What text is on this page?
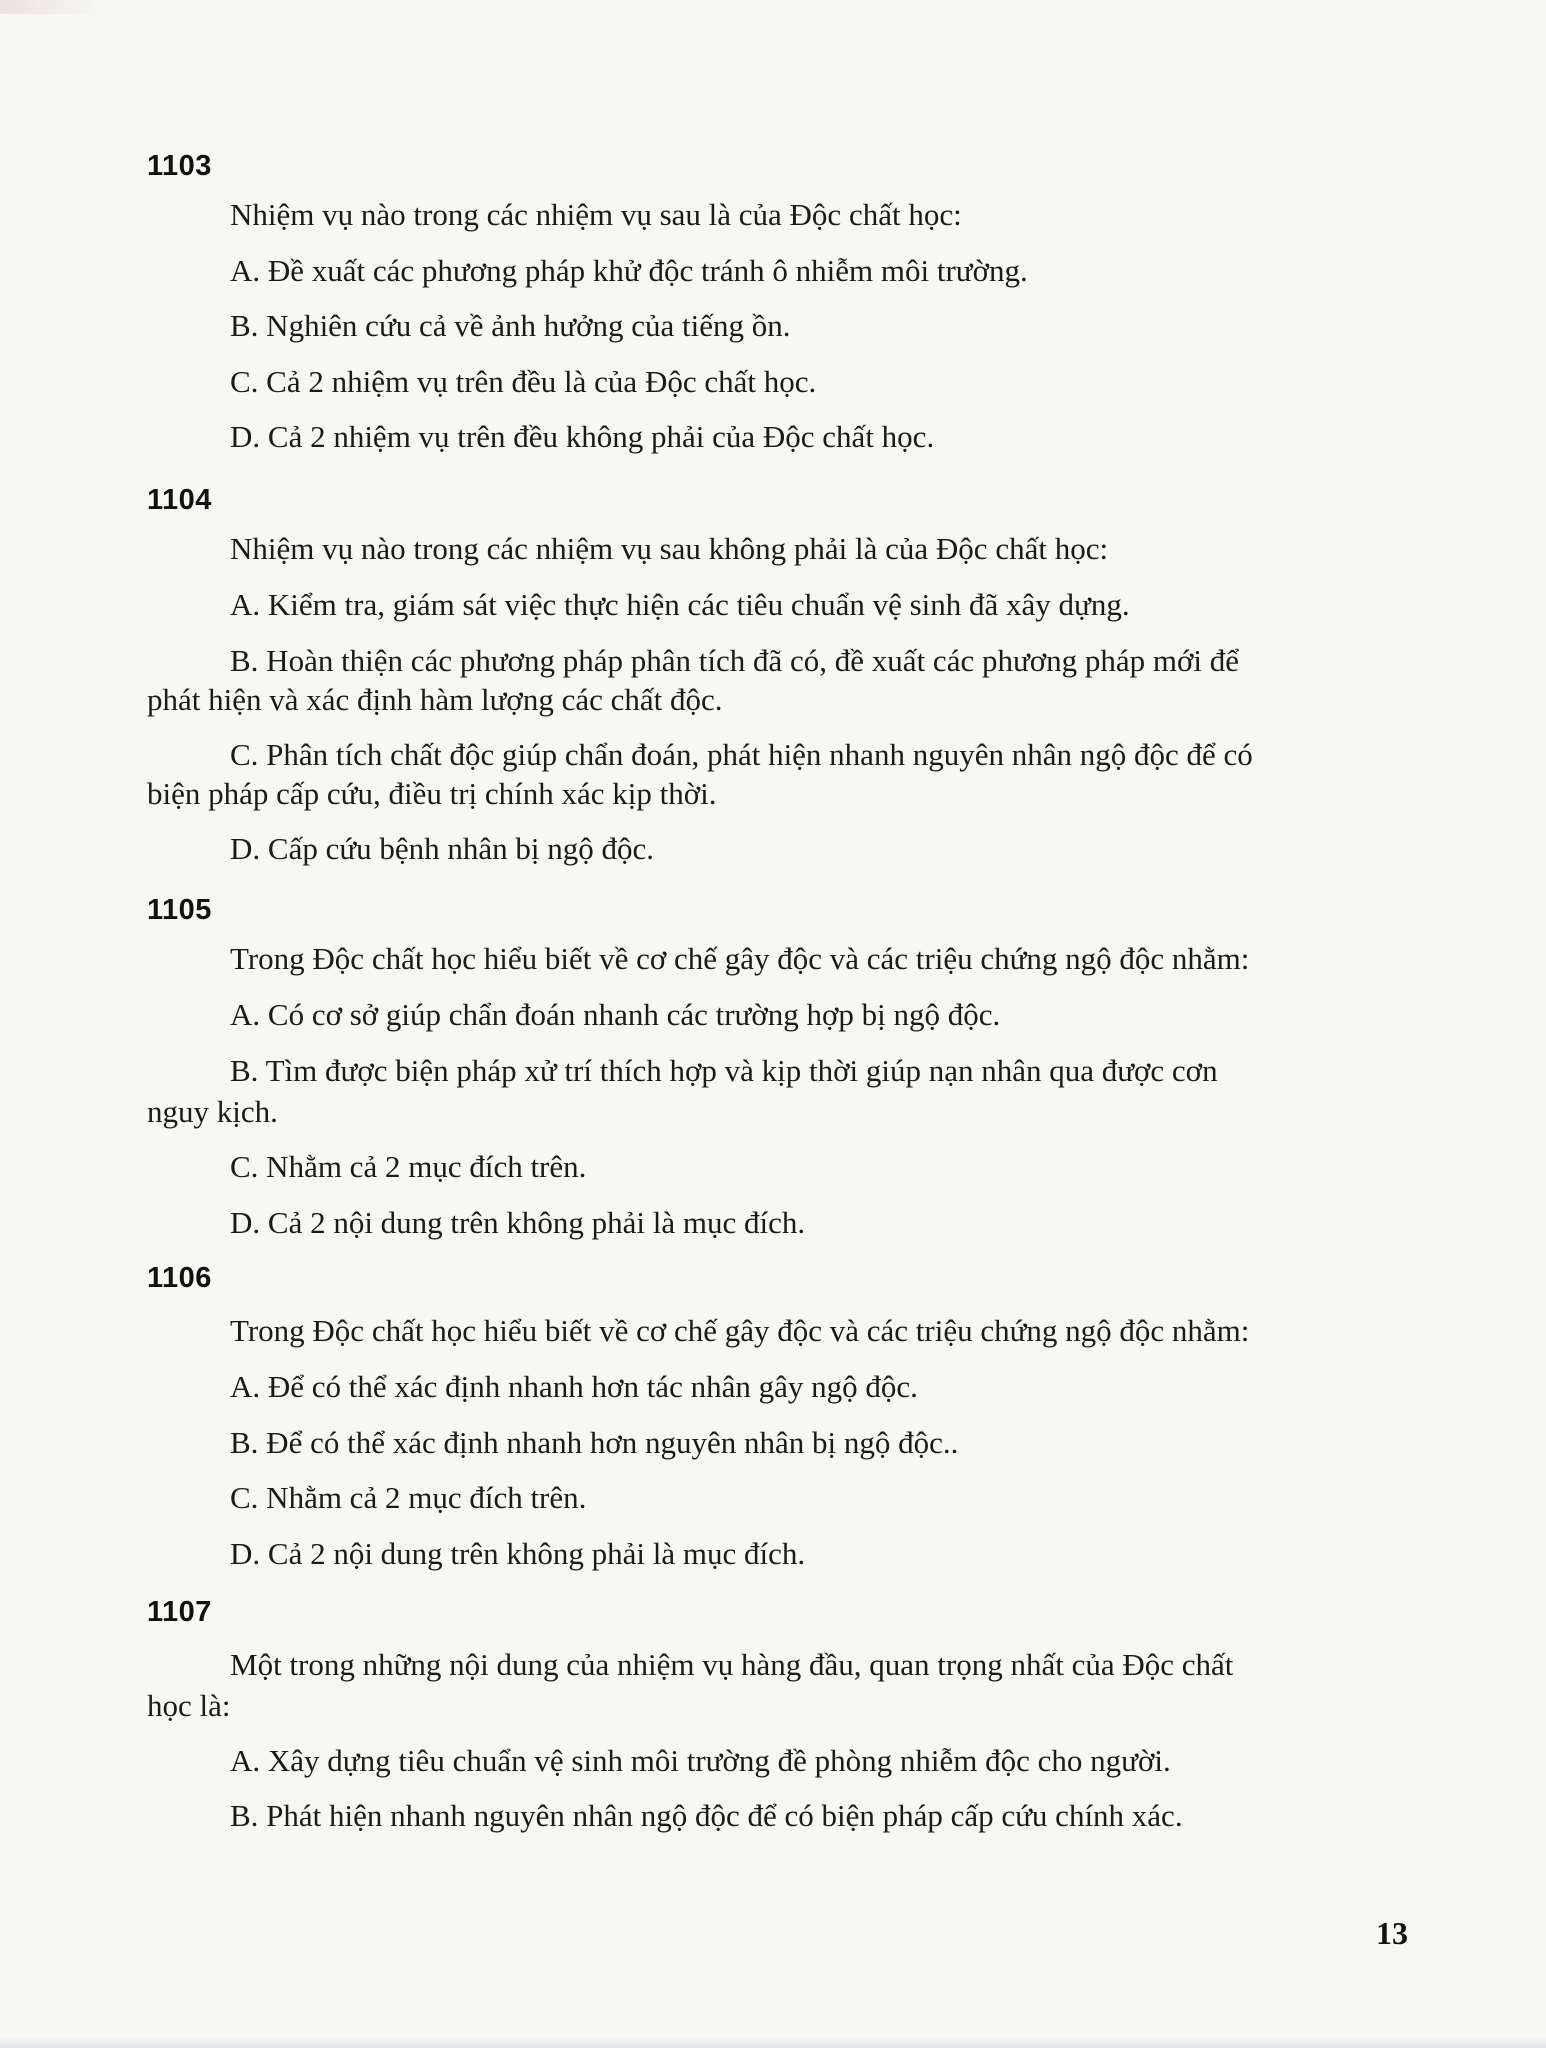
1103
Nhiệm vụ nào trong các nhiệm vụ sau là của Độc chất học:
A. Đề xuất các phương pháp khử độc tránh ô nhiễm môi trường.
B. Nghiên cứu cả về ảnh hưởng của tiếng ồn.
C. Cả 2 nhiệm vụ trên đều là của Độc chất học.
D. Cả 2 nhiệm vụ trên đều không phải của Độc chất học.
1104
Nhiệm vụ nào trong các nhiệm vụ sau không phải là của Độc chất học:
A. Kiểm tra, giám sát việc thực hiện các tiêu chuẩn vệ sinh đã xây dựng.
B. Hoàn thiện các phương pháp phân tích đã có, đề xuất các phương pháp mới để
phát hiện và xác định hàm lượng các chất độc.
C. Phân tích chất độc giúp chẩn đoán, phát hiện nhanh nguyên nhân ngộ độc để có
biện pháp cấp cứu, điều trị chính xác kịp thời.
D. Cấp cứu bệnh nhân bị ngộ độc.
1105
Trong Độc chất học hiểu biết về cơ chế gây độc và các triệu chứng ngộ độc nhằm:
A. Có cơ sở giúp chẩn đoán nhanh các trường hợp bị ngộ độc.
B. Tìm được biện pháp xử trí thích hợp và kịp thời giúp nạn nhân qua được cơn
nguy kịch.
C. Nhằm cả 2 mục đích trên.
D. Cả 2 nội dung trên không phải là mục đích.
1106
Trong Độc chất học hiểu biết về cơ chế gây độc và các triệu chứng ngộ độc nhằm:
A. Để có thể xác định nhanh hơn tác nhân gây ngộ độc.
B. Để có thể xác định nhanh hơn nguyên nhân bị ngộ độc..
C. Nhằm cả 2 mục đích trên.
D. Cả 2 nội dung trên không phải là mục đích.
1107
Một trong những nội dung của nhiệm vụ hàng đầu, quan trọng nhất của Độc chất
học là:
A. Xây dựng tiêu chuẩn vệ sinh môi trường đề phòng nhiễm độc cho người.
B. Phát hiện nhanh nguyên nhân ngộ độc để có biện pháp cấp cứu chính xác.
13
